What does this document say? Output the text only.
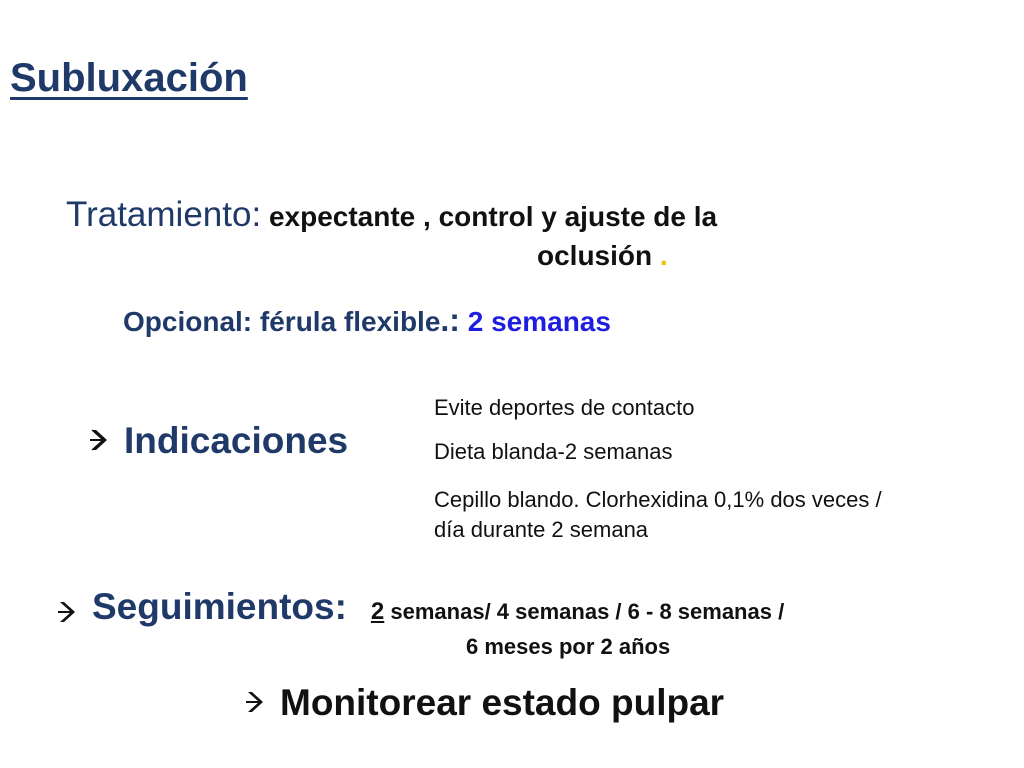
Subluxación
Tratamiento: expectante , control y ajuste de la
oclusión .
Opcional: férula flexible.: 2 semanas
Indicaciones
Evite deportes de contacto
Dieta blanda-2 semanas
Cepillo blando. Clorhexidina 0,1% dos veces /
día durante 2 semana
Seguimientos: 2 semanas/ 4 semanas / 6 - 8 semanas /
6 meses por 2 años
Monitorear estado pulpar
